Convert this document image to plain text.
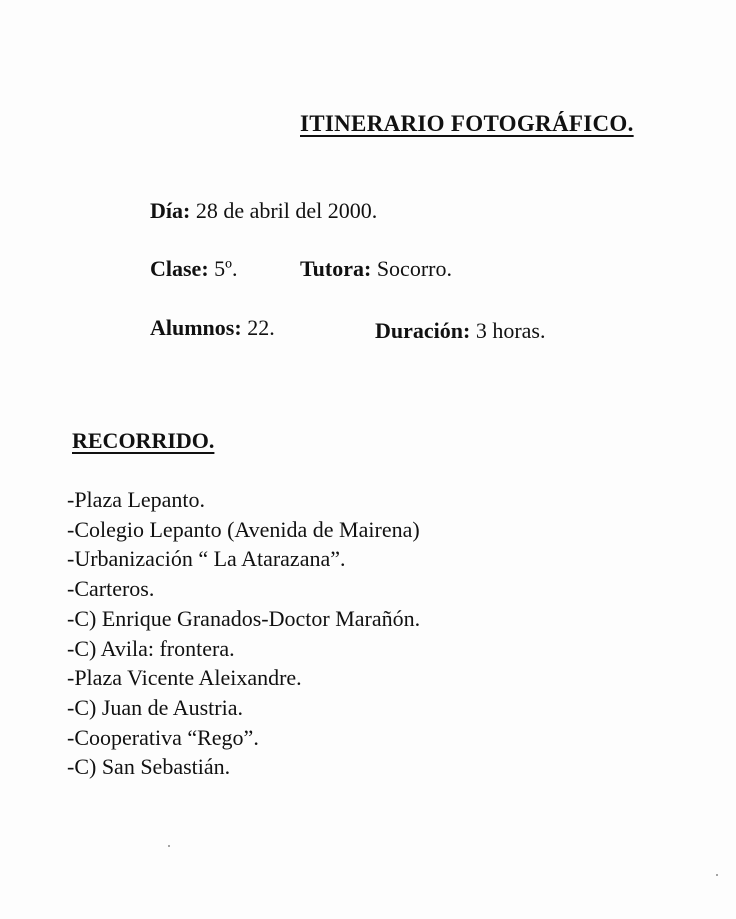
ITINERARIO FOTOGRÁFICO.
Día: 28 de abril del 2000.
Clase: 5º.	Tutora: Socorro.
Alumnos: 22.	Duración: 3 horas.
RECORRIDO.
-Plaza Lepanto.
-Colegio Lepanto (Avenida de Mairena)
-Urbanización “ La Atarazana”.
-Carteros.
-C) Enrique Granados-Doctor Marañón.
-C) Avila: frontera.
-Plaza Vicente Aleixandre.
-C) Juan de Austria.
-Cooperativa “Rego”.
-C) San Sebastián.
